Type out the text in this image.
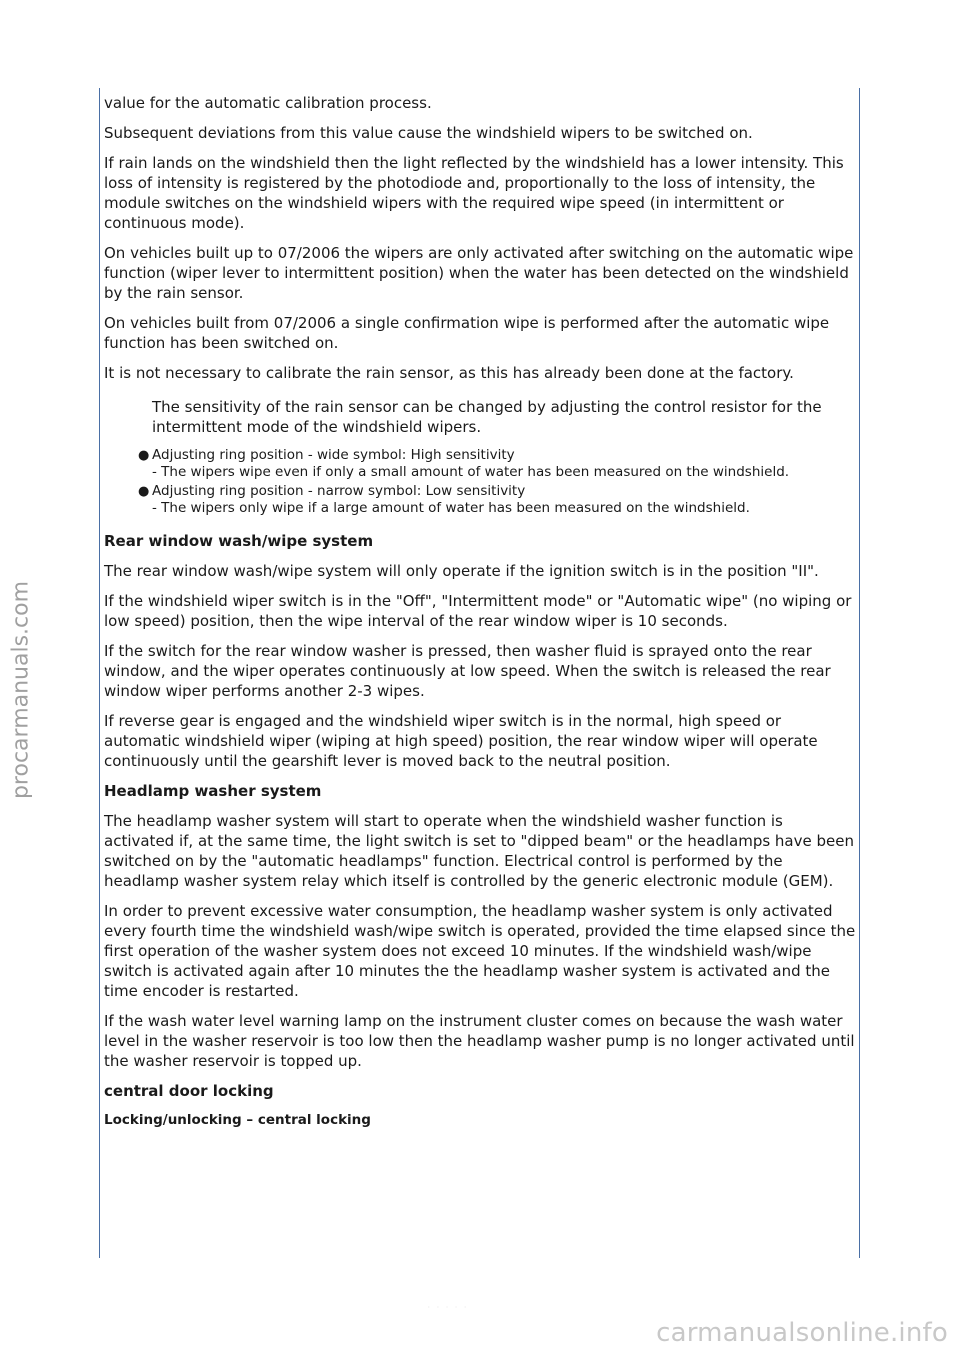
value for the automatic calibration process.

Subsequent deviations from this value cause the windshield wipers to be switched on.

If rain lands on the windshield then the light reflected by the windshield has a lower intensity. This loss of intensity is registered by the photodiode and, proportionally to the loss of intensity, the module switches on the windshield wipers with the required wipe speed (in intermittent or continuous mode).

On vehicles built up to 07/2006 the wipers are only activated after switching on the automatic wipe function (wiper lever to intermittent position) when the water has been detected on the windshield by the rain sensor.

On vehicles built from 07/2006 a single confirmation wipe is performed after the automatic wipe function has been switched on.

It is not necessary to calibrate the rain sensor, as this has already been done at the factory.

The sensitivity of the rain sensor can be changed by adjusting the control resistor for the intermittent mode of the windshield wipers.

● Adjusting ring position - wide symbol: High sensitivity
- The wipers wipe even if only a small amount of water has been measured on the windshield.
● Adjusting ring position - narrow symbol: Low sensitivity
- The wipers only wipe if a large amount of water has been measured on the windshield.
Rear window wash/wipe system

The rear window wash/wipe system will only operate if the ignition switch is in the position "II".

If the windshield wiper switch is in the "Off", "Intermittent mode" or "Automatic wipe" (no wiping or low speed) position, then the wipe interval of the rear window wiper is 10 seconds.

If the switch for the rear window washer is pressed, then washer fluid is sprayed onto the rear window, and the wiper operates continuously at low speed. When the switch is released the rear window wiper performs another 2-3 wipes.

If reverse gear is engaged and the windshield wiper switch is in the normal, high speed or automatic windshield wiper (wiping at high speed) position, the rear window wiper will operate continuously until the gearshift lever is moved back to the neutral position.

Headlamp washer system

The headlamp washer system will start to operate when the windshield washer function is activated if, at the same time, the light switch is set to "dipped beam" or the headlamps have been switched on by the "automatic headlamps" function. Electrical control is performed by the headlamp washer system relay which itself is controlled by the generic electronic module (GEM).

In order to prevent excessive water consumption, the headlamp washer system is only activated every fourth time the windshield wash/wipe switch is operated, provided the time elapsed since the first operation of the washer system does not exceed 10 minutes. If the windshield wash/wipe switch is activated again after 10 minutes the the headlamp washer system is activated and the time encoder is restarted.

If the wash water level warning lamp on the instrument cluster comes on because the wash water level in the washer reservoir is too low then the headlamp washer pump is no longer activated until the washer reservoir is topped up.

central door locking
Locking/unlocking – central locking
procarmanuals.com
· · · · ·
carmanualsonline.info
